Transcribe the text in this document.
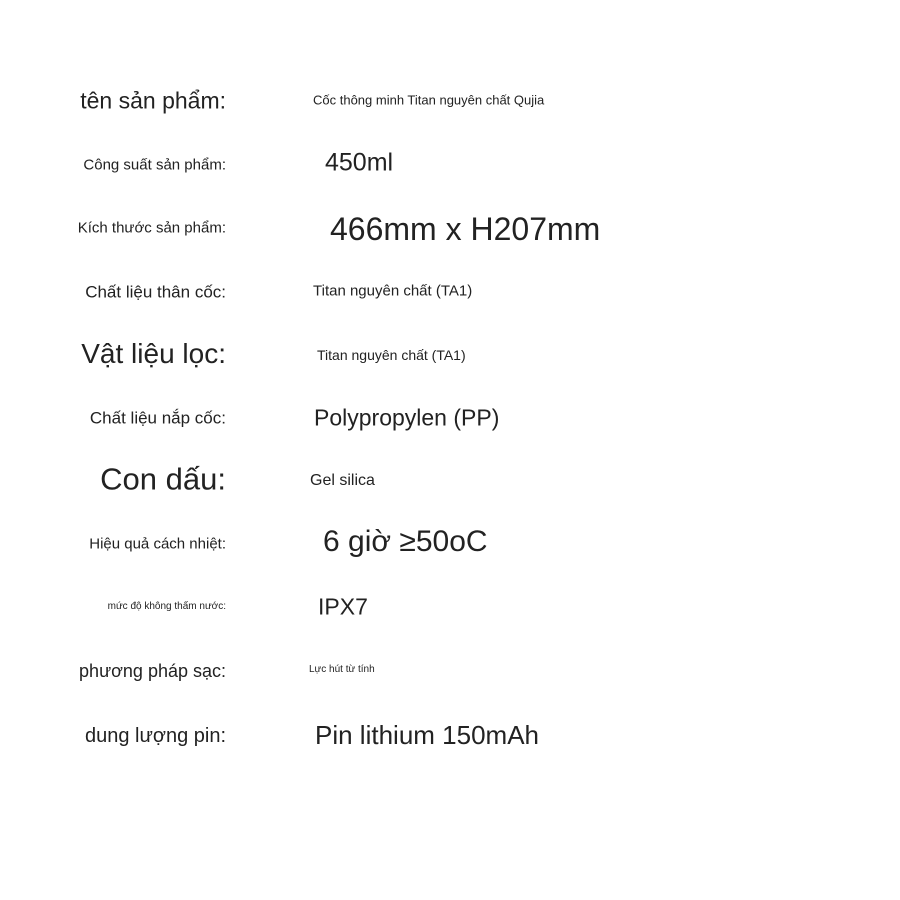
tên sản phẩm:	Cốc thông minh Titan nguyên chất Qujia
Công suất sản phẩm:	450ml
Kích thước sản phẩm:	466mm x H207mm
Chất liệu thân cốc:	Titan nguyên chất (TA1)
Vật liệu lọc:	Titan nguyên chất (TA1)
Chất liệu nắp cốc:	Polypropylen (PP)
Con dấu:	Gel silica
Hiệu quả cách nhiệt:	6 giờ ≥50oC
mức độ không thấm nước:	IPX7
phương pháp sạc:	Lực hút từ tính
dung lượng pin:	Pin lithium 150mAh
